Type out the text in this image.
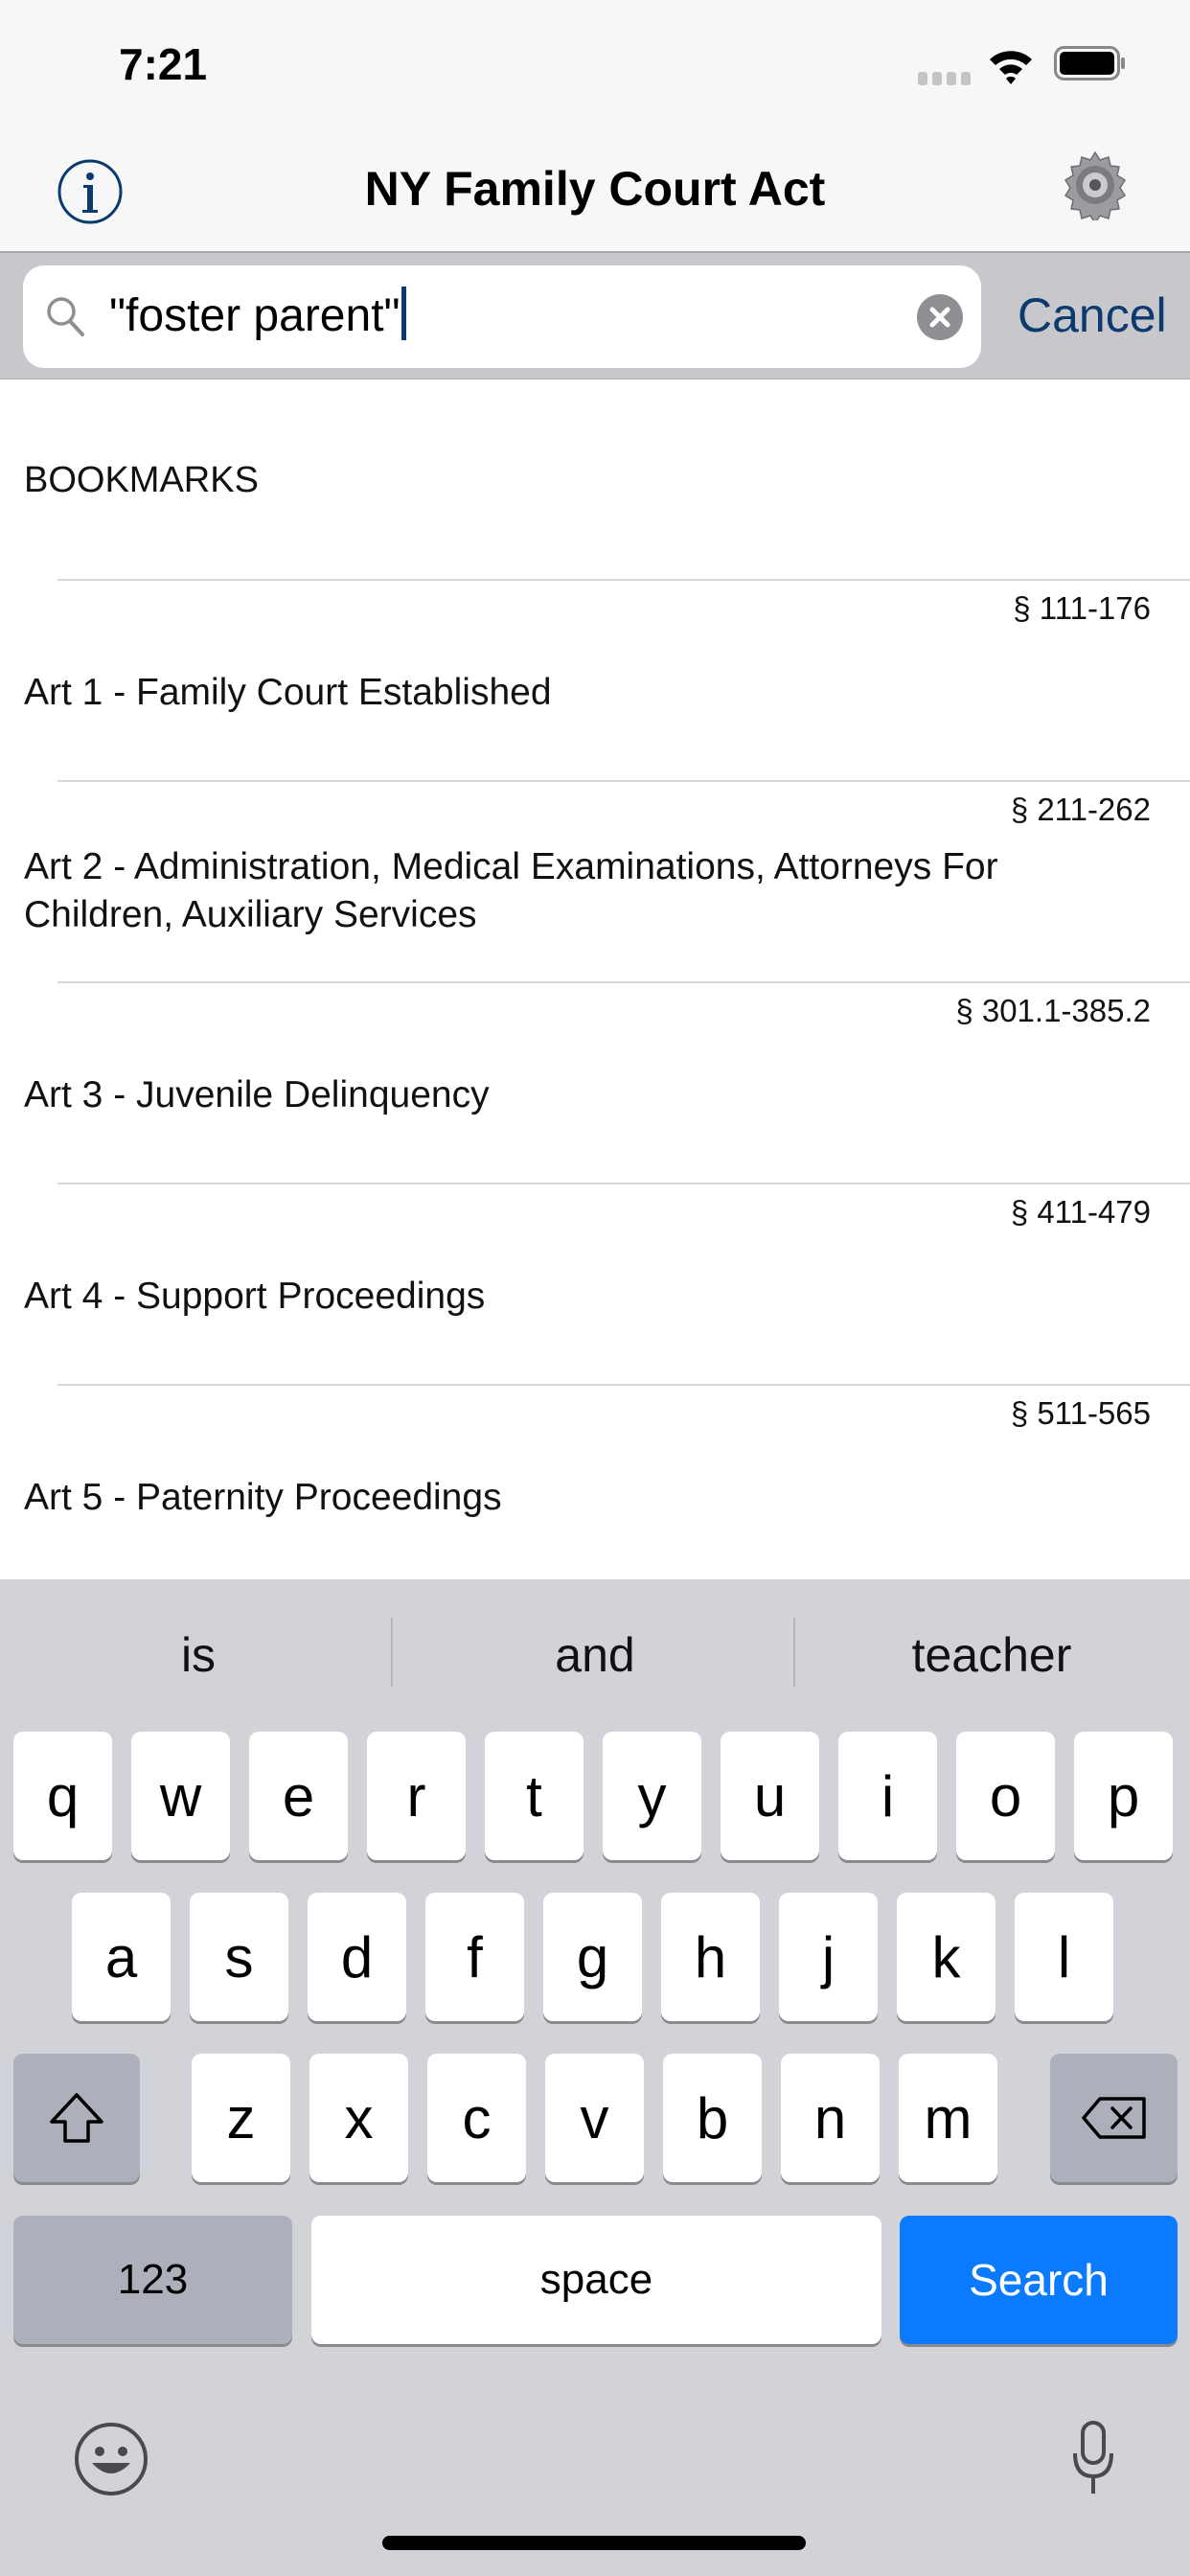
7:21
NY Family Court Act
"foster parent"	Cancel
BOOKMARKS
§ 111-176
Art 1 - Family Court Established
§ 211-262
Art 2 - Administration, Medical Examinations, Attorneys For Children, Auxiliary Services
§ 301.1-385.2
Art 3 - Juvenile Delinquency
§ 411-479
Art 4 - Support Proceedings
§ 511-565
Art 5 - Paternity Proceedings
is	and	teacher
123	space	Search
q	w	e	r	t	y	u	i	o	p
a	s	d	f	g	h	j	k	l
z	x	c	v	b	n	m
